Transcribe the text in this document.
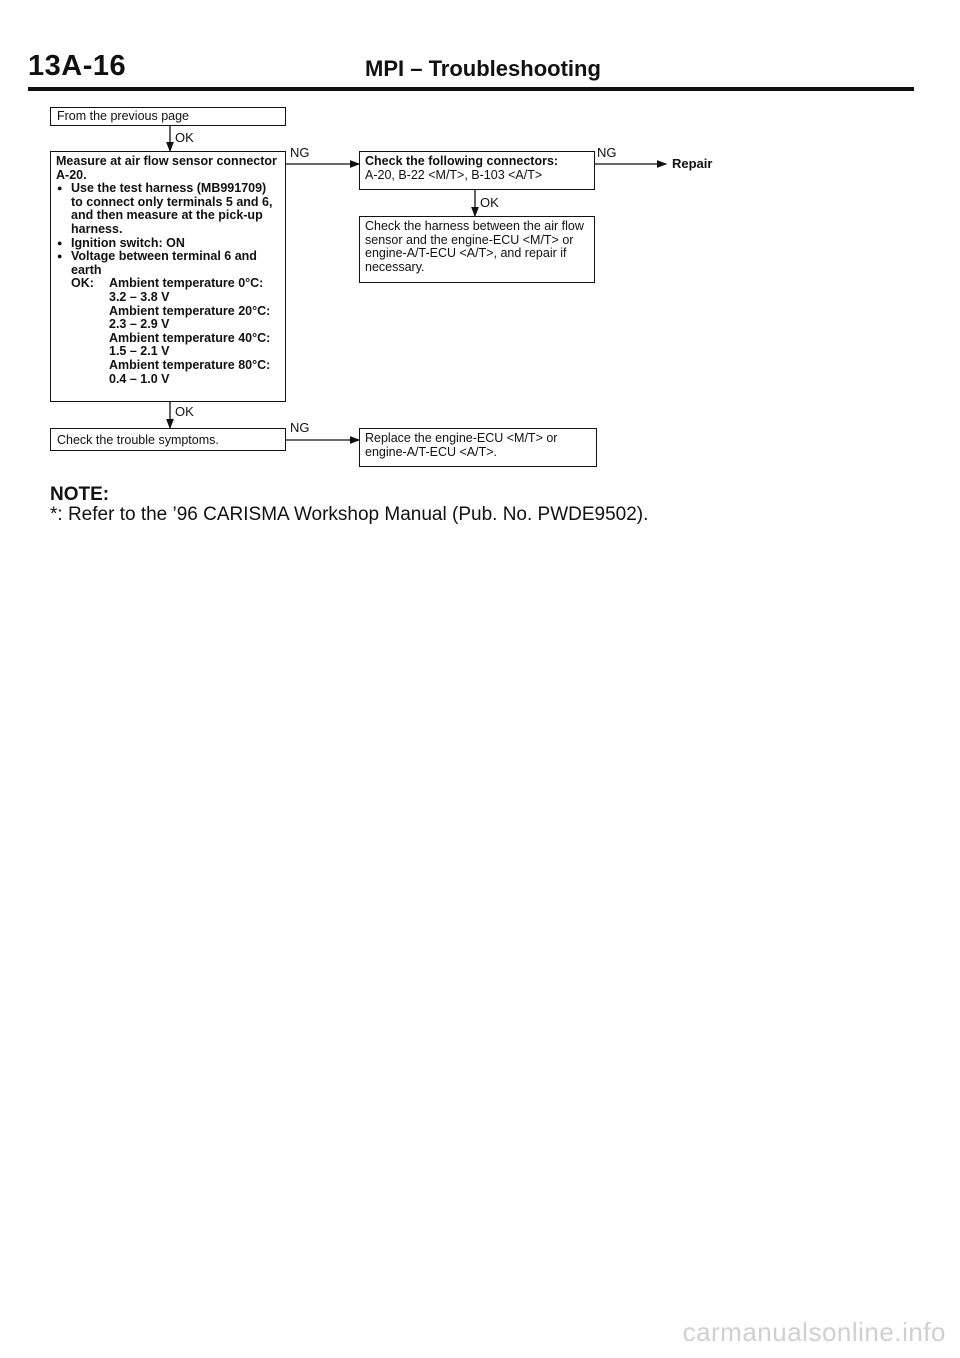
13A-16	MPI – Troubleshooting
From the previous page
OK
Measure at air flow sensor connector
A-20.
● Use the test harness (MB991709) to connect only terminals 5 and 6, and then measure at the pick-up harness.
● Ignition switch: ON
● Voltage between terminal 6 and earth
OK:	Ambient temperature 0°C:
3.2 – 3.8 V
Ambient temperature 20°C:
2.3 – 2.9 V
Ambient temperature 40°C:
1.5 – 2.1 V
Ambient temperature 80°C:
0.4 – 1.0 V
NG
Check the following connectors:
A-20, B-22 <M/T>, B-103 <A/T>
NG
Repair
OK
Check the harness between the air flow sensor and the engine-ECU <M/T> or engine-A/T-ECU <A/T>, and repair if necessary.
OK
Check the trouble symptoms.
NG
Replace the engine-ECU <M/T> or engine-A/T-ECU <A/T>.
NOTE:
*: Refer to the ’96 CARISMA Workshop Manual (Pub. No. PWDE9502).
carmanualsonline.info
